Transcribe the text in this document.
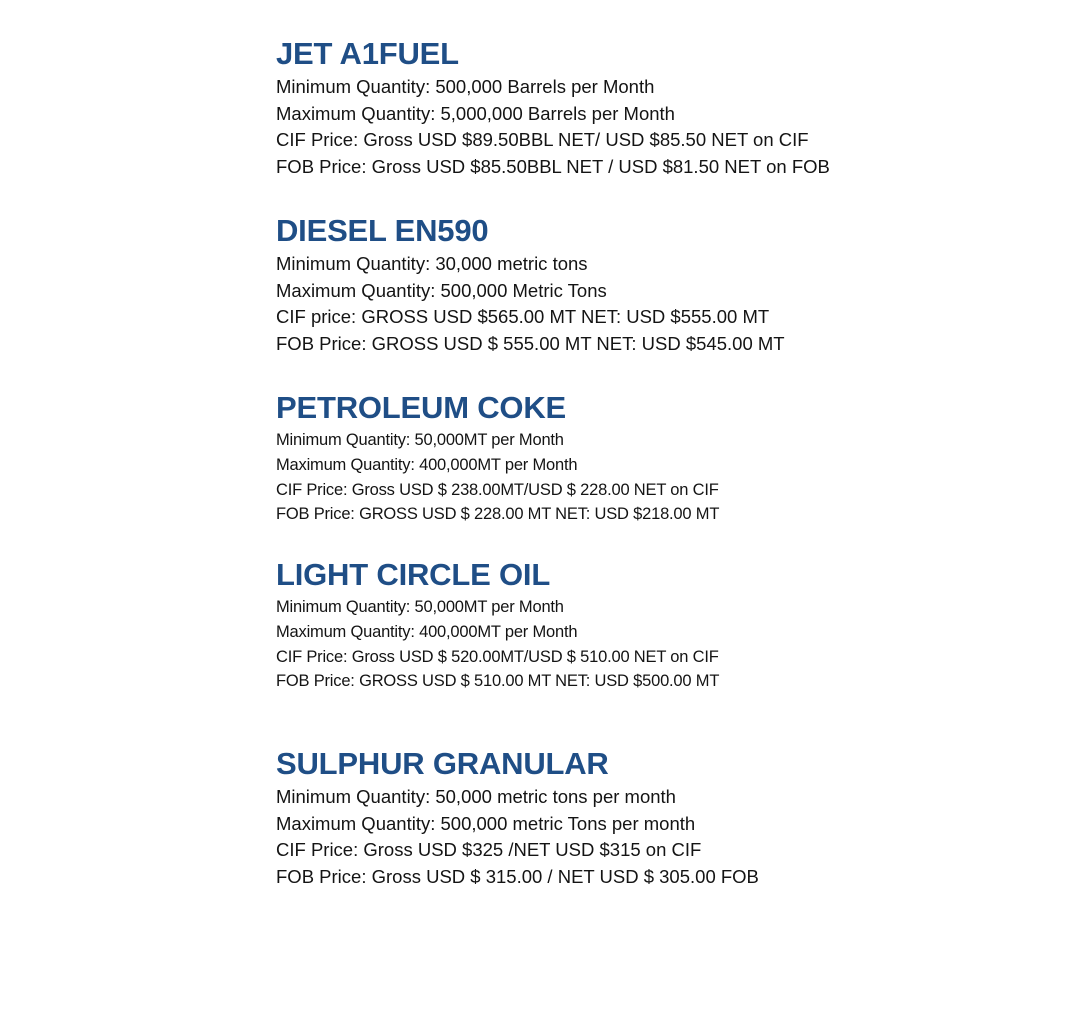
JET A1FUEL
Minimum Quantity: 500,000 Barrels per Month
Maximum Quantity: 5,000,000 Barrels per Month
CIF Price: Gross USD $89.50BBL NET/ USD $85.50 NET on CIF
FOB Price: Gross USD $85.50BBL NET / USD $81.50 NET on FOB
DIESEL EN590
Minimum Quantity: 30,000 metric tons
Maximum Quantity: 500,000 Metric Tons
CIF price: GROSS USD $565.00 MT NET: USD $555.00 MT
FOB Price: GROSS USD $ 555.00 MT NET: USD $545.00 MT
PETROLEUM COKE
Minimum Quantity: 50,000MT per Month
Maximum Quantity: 400,000MT per Month
CIF Price: Gross USD $ 238.00MT/USD $ 228.00 NET on CIF
FOB Price: GROSS USD $ 228.00 MT NET: USD $218.00 MT
LIGHT CIRCLE OIL
Minimum Quantity: 50,000MT per Month
Maximum Quantity: 400,000MT per Month
CIF Price: Gross USD $ 520.00MT/USD $ 510.00 NET on CIF
FOB Price: GROSS USD $ 510.00 MT NET: USD $500.00 MT
SULPHUR GRANULAR
Minimum Quantity: 50,000 metric tons per month
Maximum Quantity: 500,000 metric Tons per month
CIF Price: Gross USD $325 /NET USD $315 on CIF
FOB Price: Gross USD $ 315.00 / NET USD $ 305.00 FOB
